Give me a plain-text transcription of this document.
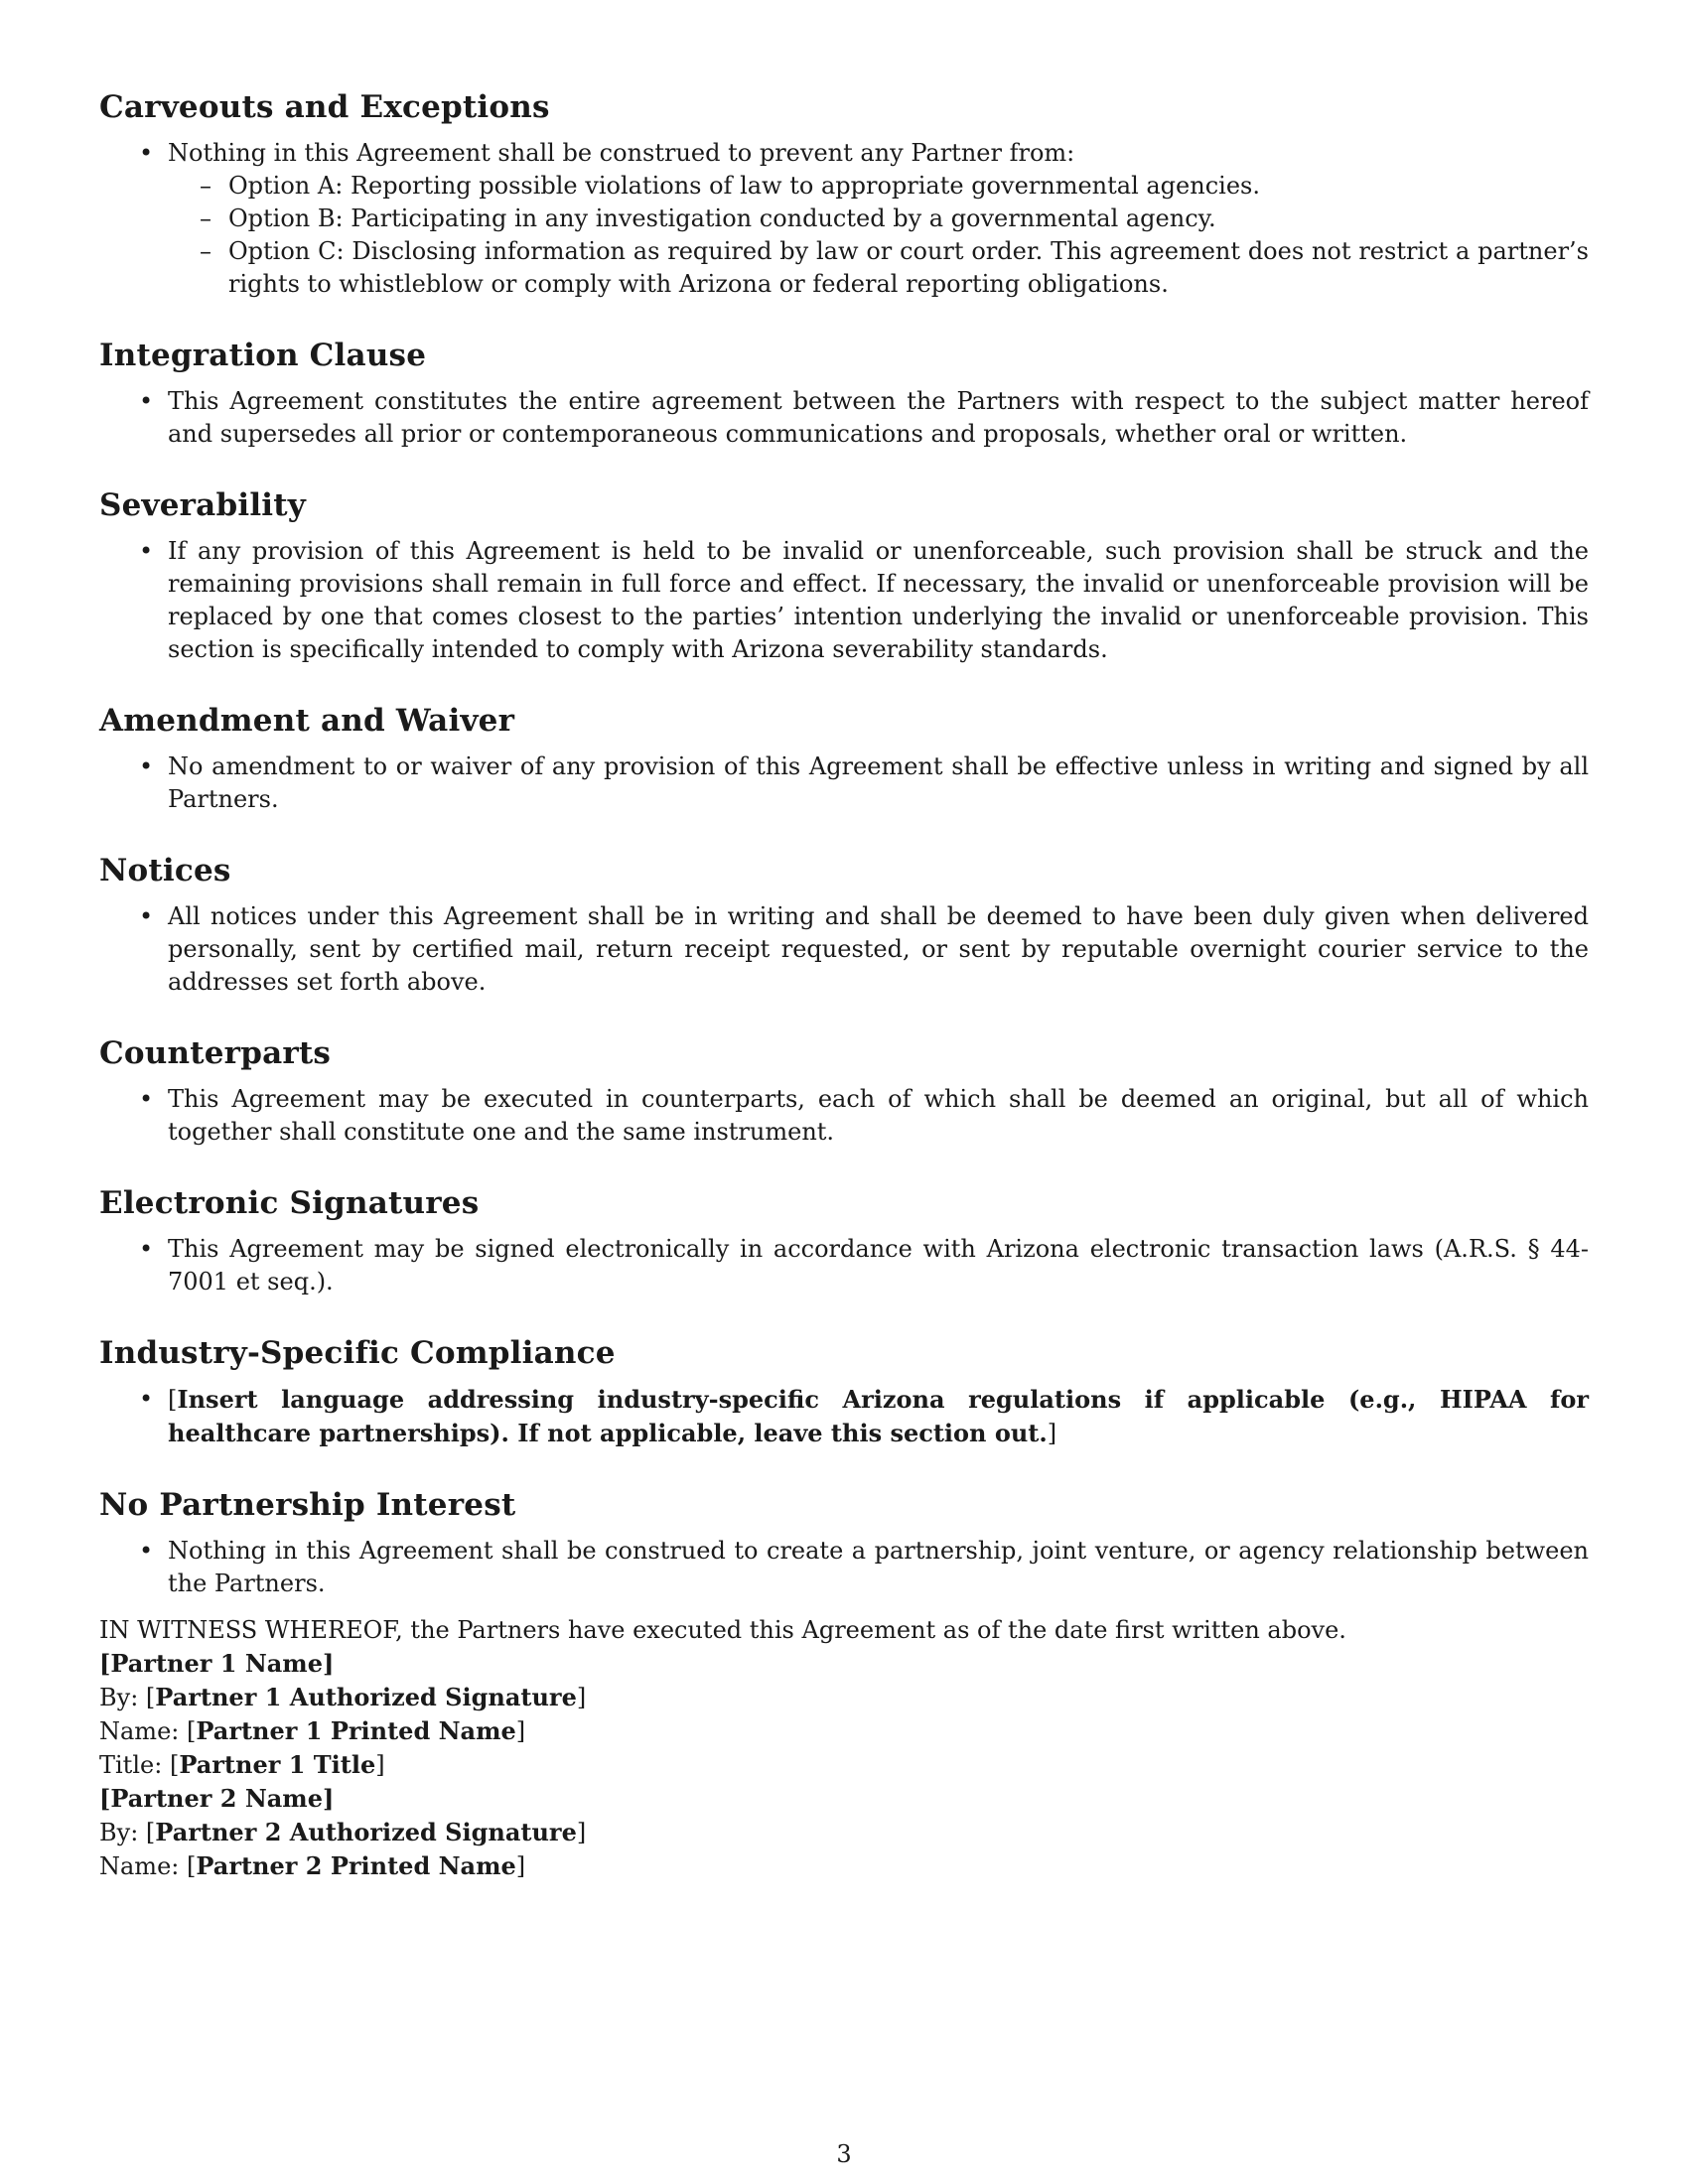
Carveouts and Exceptions
• Nothing in this Agreement shall be construed to prevent any Partner from:
– Option A: Reporting possible violations of law to appropriate governmental agencies.
– Option B: Participating in any investigation conducted by a governmental agency.
– Option C: Disclosing information as required by law or court order. This agreement does not restrict a partner’s rights to whistleblow or comply with Arizona or federal reporting obligations.
Integration Clause
• This Agreement constitutes the entire agreement between the Partners with respect to the subject matter hereof and supersedes all prior or contemporaneous communications and proposals, whether oral or written.
Severability
• If any provision of this Agreement is held to be invalid or unenforceable, such provision shall be struck and the remaining provisions shall remain in full force and effect. If necessary, the invalid or unenforceable provision will be replaced by one that comes closest to the parties’ intention underlying the invalid or unenforceable provision. This section is specifically intended to comply with Arizona severability standards.
Amendment and Waiver
• No amendment to or waiver of any provision of this Agreement shall be effective unless in writing and signed by all Partners.
Notices
• All notices under this Agreement shall be in writing and shall be deemed to have been duly given when delivered personally, sent by certified mail, return receipt requested, or sent by reputable overnight courier service to the addresses set forth above.
Counterparts
• This Agreement may be executed in counterparts, each of which shall be deemed an original, but all of which together shall constitute one and the same instrument.
Electronic Signatures
• This Agreement may be signed electronically in accordance with Arizona electronic transaction laws (A.R.S. § 44-7001 et seq.).
Industry-Specific Compliance
• [Insert language addressing industry-specific Arizona regulations if applicable (e.g., HIPAA for healthcare partnerships). If not applicable, leave this section out.]
No Partnership Interest
• Nothing in this Agreement shall be construed to create a partnership, joint venture, or agency relationship between the Partners.

IN WITNESS WHEREOF, the Partners have executed this Agreement as of the date first written above.

[Partner 1 Name]

By: [Partner 1 Authorized Signature]

Name: [Partner 1 Printed Name]

Title: [Partner 1 Title]

[Partner 2 Name]

By: [Partner 2 Authorized Signature]

Name: [Partner 2 Printed Name]

3
